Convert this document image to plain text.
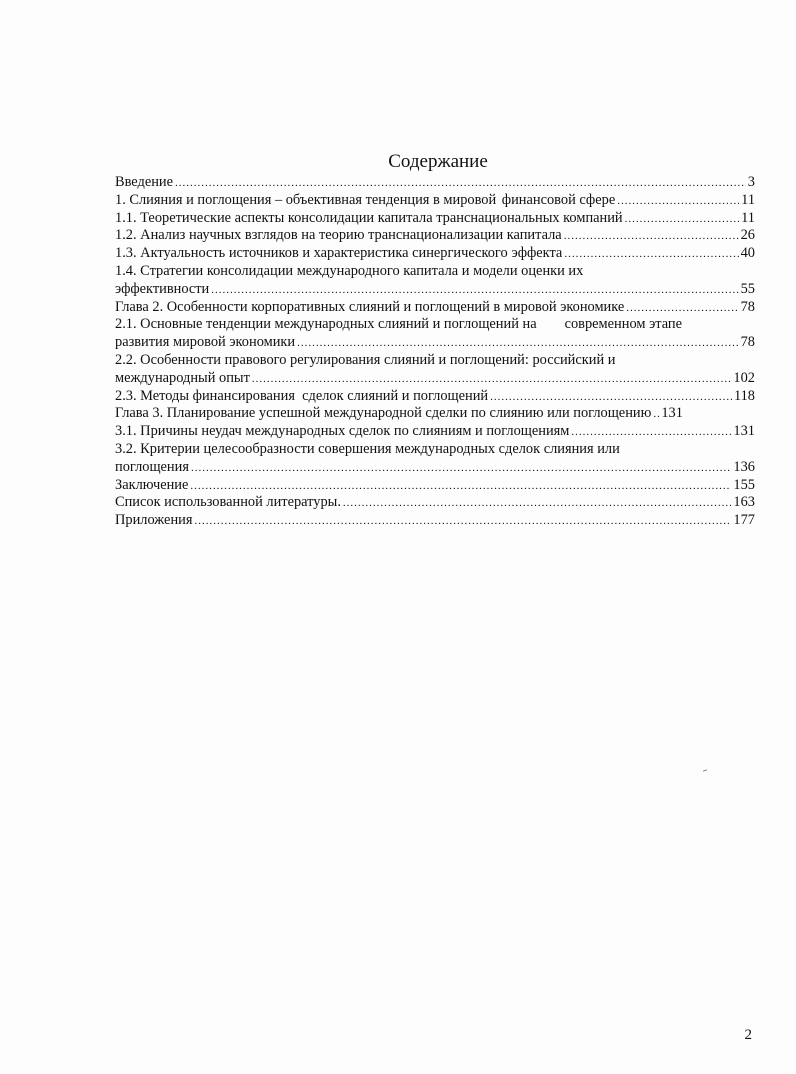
Содержание
Введение .....	3
1. Слияния и поглощения – объективная тенденция в мировой финансовой сфере .....	11
1.1. Теоретические аспекты консолидации капитала транснациональных компаний .....	11
1.2. Анализ научных взглядов на теорию транснационализации капитала .....	26
1.3. Актуальность источников и характеристика синергического эффекта .....	40
1.4. Стратегии консолидации международного капитала и модели оценки их
эффективности .....	55
Глава 2. Особенности корпоративных слияний и поглощений в мировой экономике .....	78
2.1. Основные тенденции международных слияний и поглощений на современном этапе
развития мировой экономики .....	78
2.2. Особенности правового регулирования слияний и поглощений: российский и
международный опыт .....	102
2.3. Методы финансирования  сделок слияний и поглощений .....	118
Глава 3. Планирование успешной международной сделки по слиянию или поглощению ..... 131
3.1. Причины неудач международных сделок по слияниям и поглощениям .....	131
3.2. Критерии целесообразности совершения международных сделок слияния или
поглощения .....	136
Заключение .....	155
Список использованной литературы. .....	163
Приложения .....	177
2
